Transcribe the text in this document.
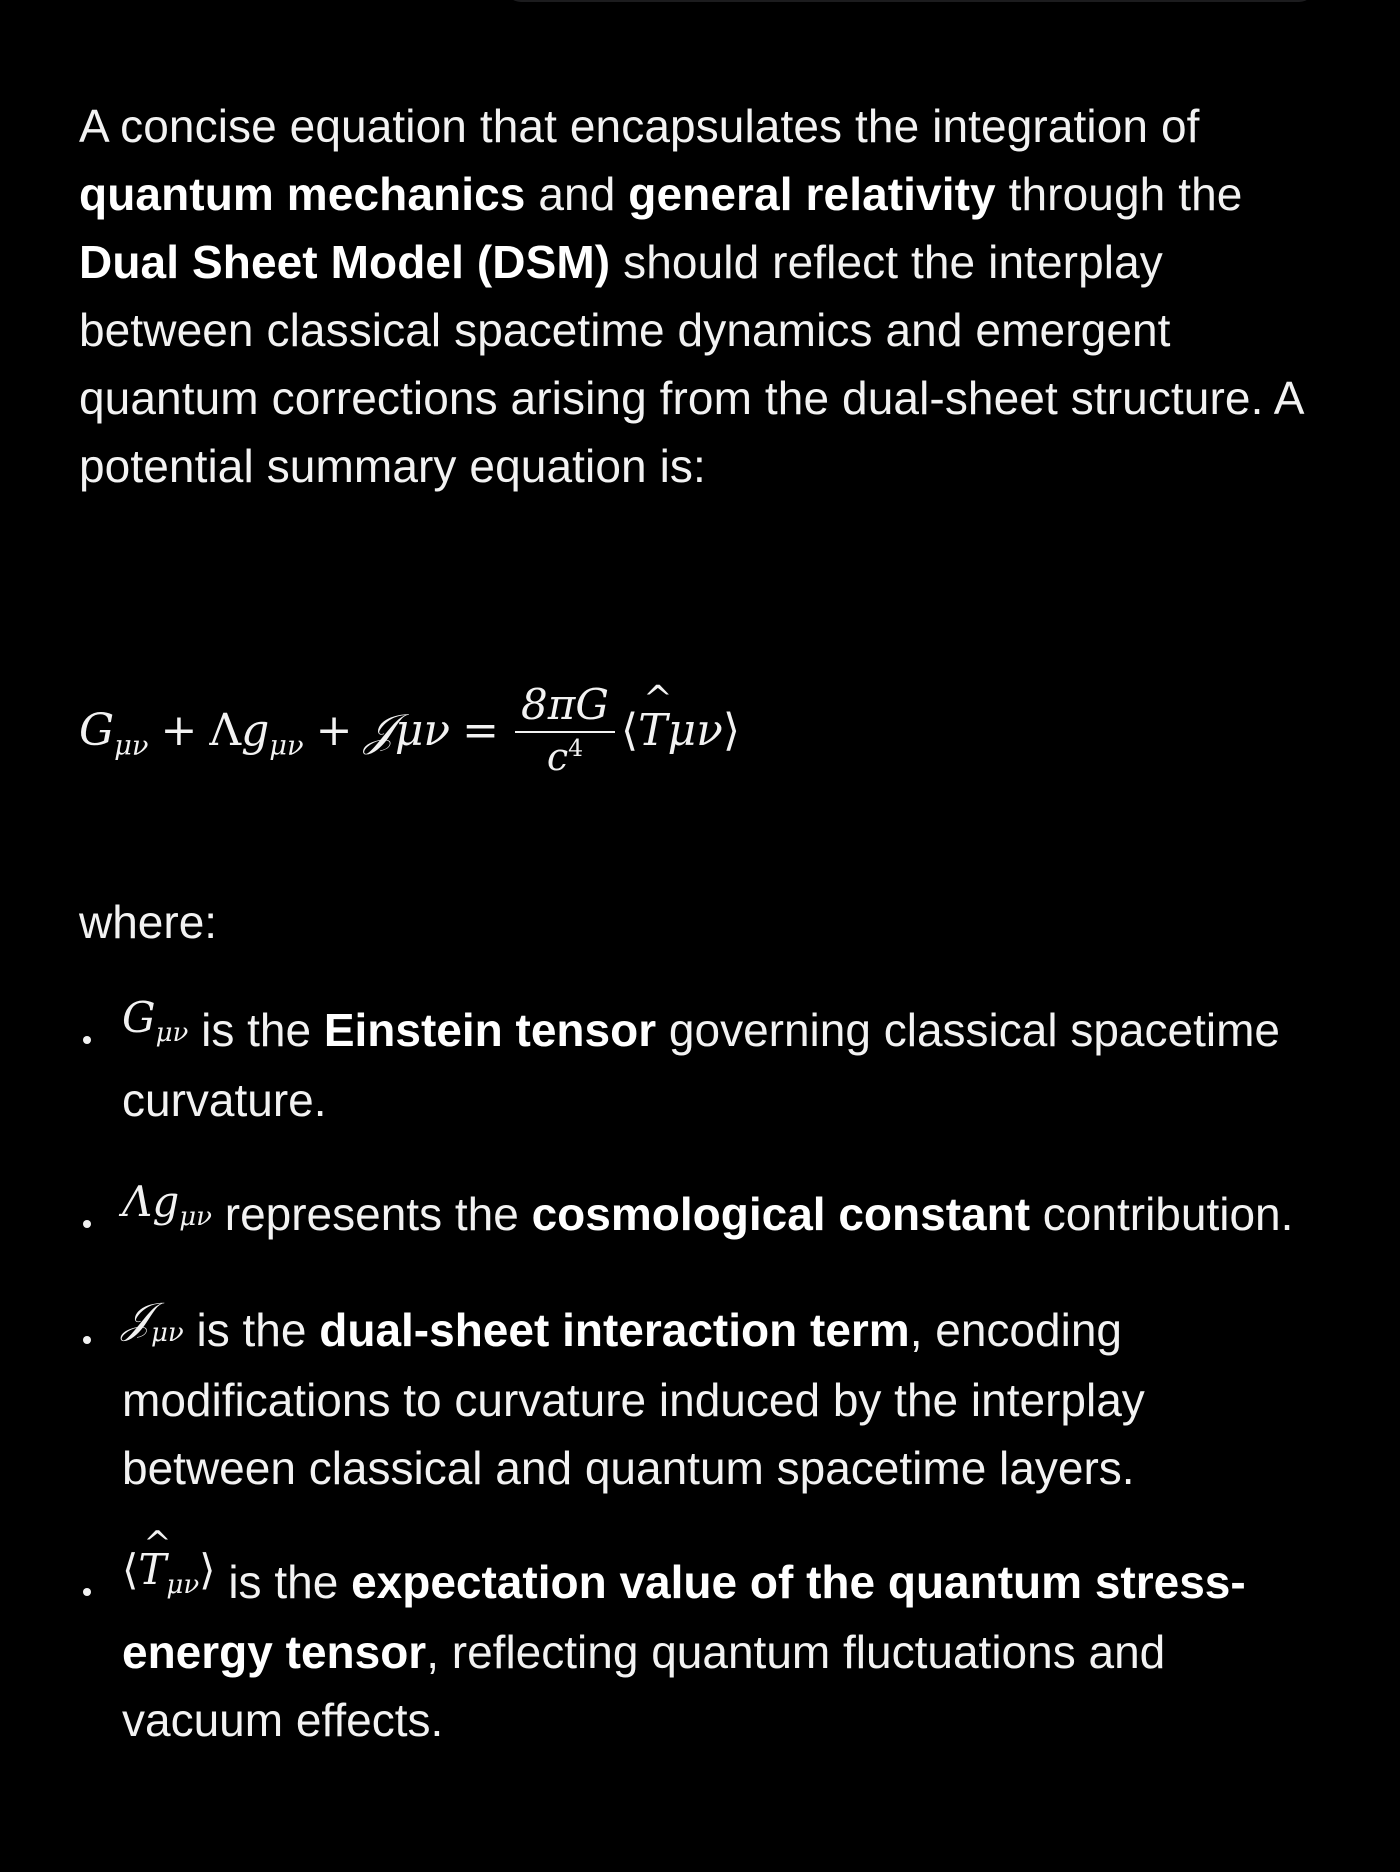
A concise equation that encapsulates the integration of quantum mechanics and general relativity through the Dual Sheet Model (DSM) should reflect the interplay between classical spacetime dynamics and emergent quantum corrections arising from the dual-sheet structure. A potential summary equation is:

$G_{\mu\nu} + \Lambda g_{\mu\nu}$ + 𝒥μν = $\frac{8\pi G}{c^4}$ ⟨^ Tμν⟩

where:

$G_{\mu\nu}$ is the Einstein tensor governing classical spacetime curvature.
$\Lambda g_{\mu\nu}$ represents the cosmological constant contribution.
𝒥$_{\mu\nu}$ is the dual-sheet interaction term, encoding modifications to curvature induced by the interplay between classical and quantum spacetime layers.
⟨^ $T_{\mu\nu}⟩$ is the expectation value of the quantum stress-energy tensor, reflecting quantum fluctuations and vacuum effects.
